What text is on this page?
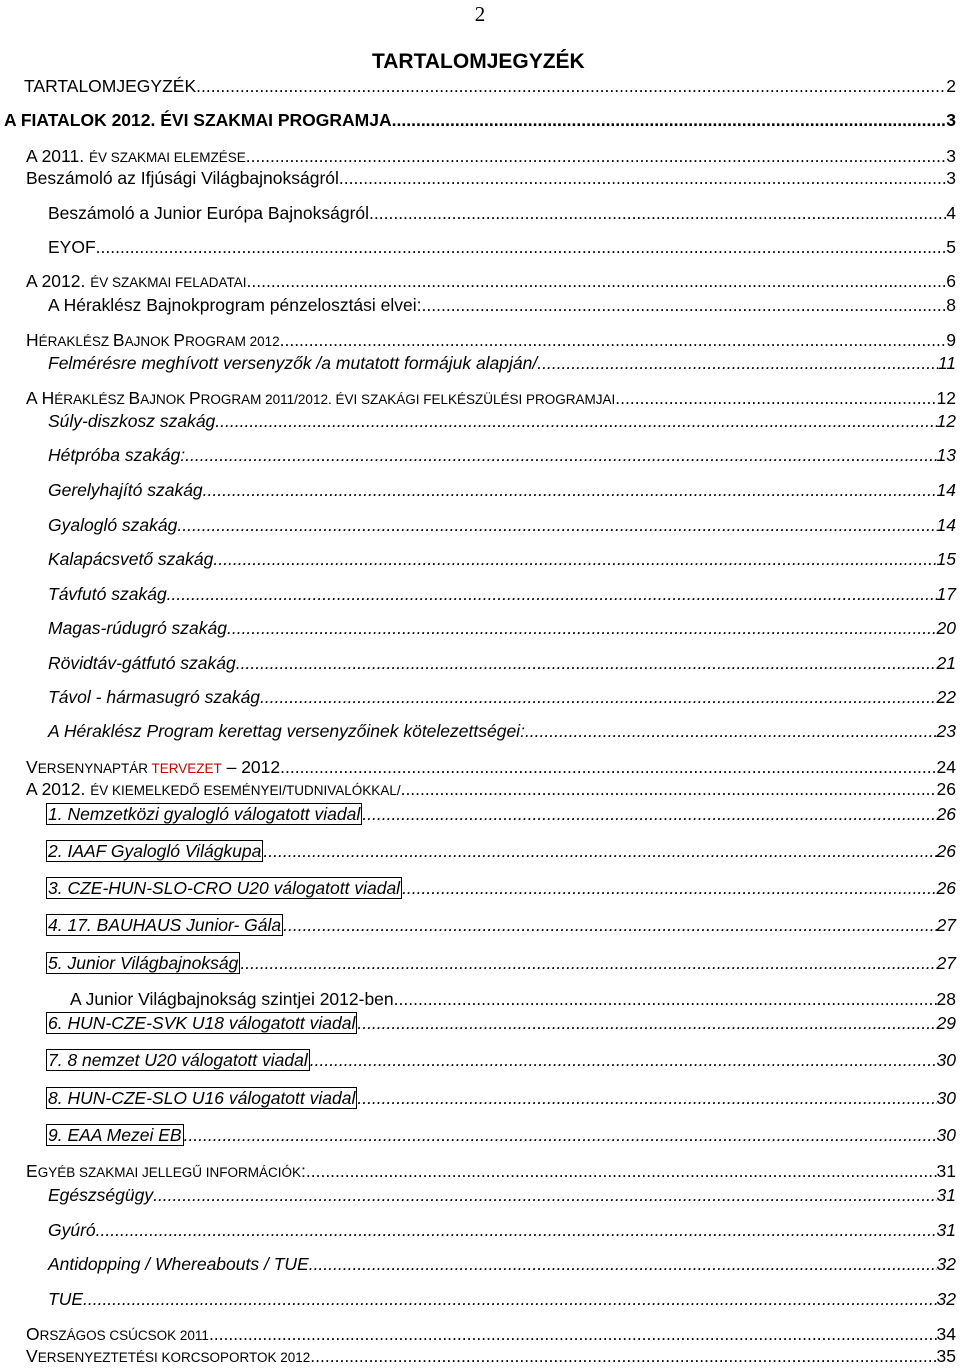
2
TARTALOMJEGYZÉK
TARTALOMJEGYZÉK .....	2
A FIATALOK 2012. ÉVI SZAKMAI PROGRAMJA .....	3
A 2011. ÉV SZAKMAI ELEMZÉSE .....	3
Beszámoló az Ifjúsági Világbajnokságról .....	3
Beszámoló a Junior Európa Bajnokságról .....	4
EYOF .....	5
A 2012. ÉV SZAKMAI FELADATAI .....	6
A Héraklész Bajnokprogram pénzelosztási elvei: .....	8
HÉRAKLÉSZ BAJNOK PROGRAM 2012 .....	9
Felmérésre meghívott versenyzők /a mutatott formájuk alapján/ .....	11
A HÉRAKLÉSZ BAJNOK PROGRAM 2011/2012. ÉVI SZAKÁGI FELKÉSZÜLÉSI PROGRAMJAI .....	12
Súly-diszkosz szakág .....	12
Hétpróba szakág: .....	13
Gerelyhajító szakág .....	14
Gyalogló szakág .....	14
Kalapácsvető szakág .....	15
Távfutó szakág .....	17
Magas-rúdugró szakág .....	20
Rövidtáv-gátfutó szakág .....	21
Távol - hármasugró szakág .....	22
A Héraklész Program kerettag versenyzőinek kötelezettségei: .....	23
VERSENYNAPTÁR TERVEZET – 2012 .....	24
A 2012. ÉV KIEMELKEDŐ ESEMÉNYEI/TUDNIVALÓKKAL/ .....	26
1. Nemzetközi gyalogló válogatott viadal .....	26
2. IAAF Gyalogló Világkupa .....	26
3. CZE-HUN-SLO-CRO U20 válogatott viadal .....	26
4. 17. BAUHAUS Junior- Gála .....	27
5. Junior Világbajnokság .....	27
A Junior Világbajnokság szintjei 2012-ben .....	28
6. HUN-CZE-SVK U18 válogatott viadal .....	29
7. 8 nemzet U20 válogatott viadal .....	30
8. HUN-CZE-SLO U16 válogatott viadal .....	30
9. EAA Mezei EB .....	30
EGYÉB SZAKMAI JELLEGŰ INFORMÁCIÓK: .....	31
Egészségügy .....	31
Gyúró .....	31
Antidopping / Whereabouts / TUE .....	32
TUE .....	32
ORSZÁGOS CSÚCSOK 2011 .....	34
VERSENYEZTETÉSI KORCSOPORTOK 2012 .....	35
